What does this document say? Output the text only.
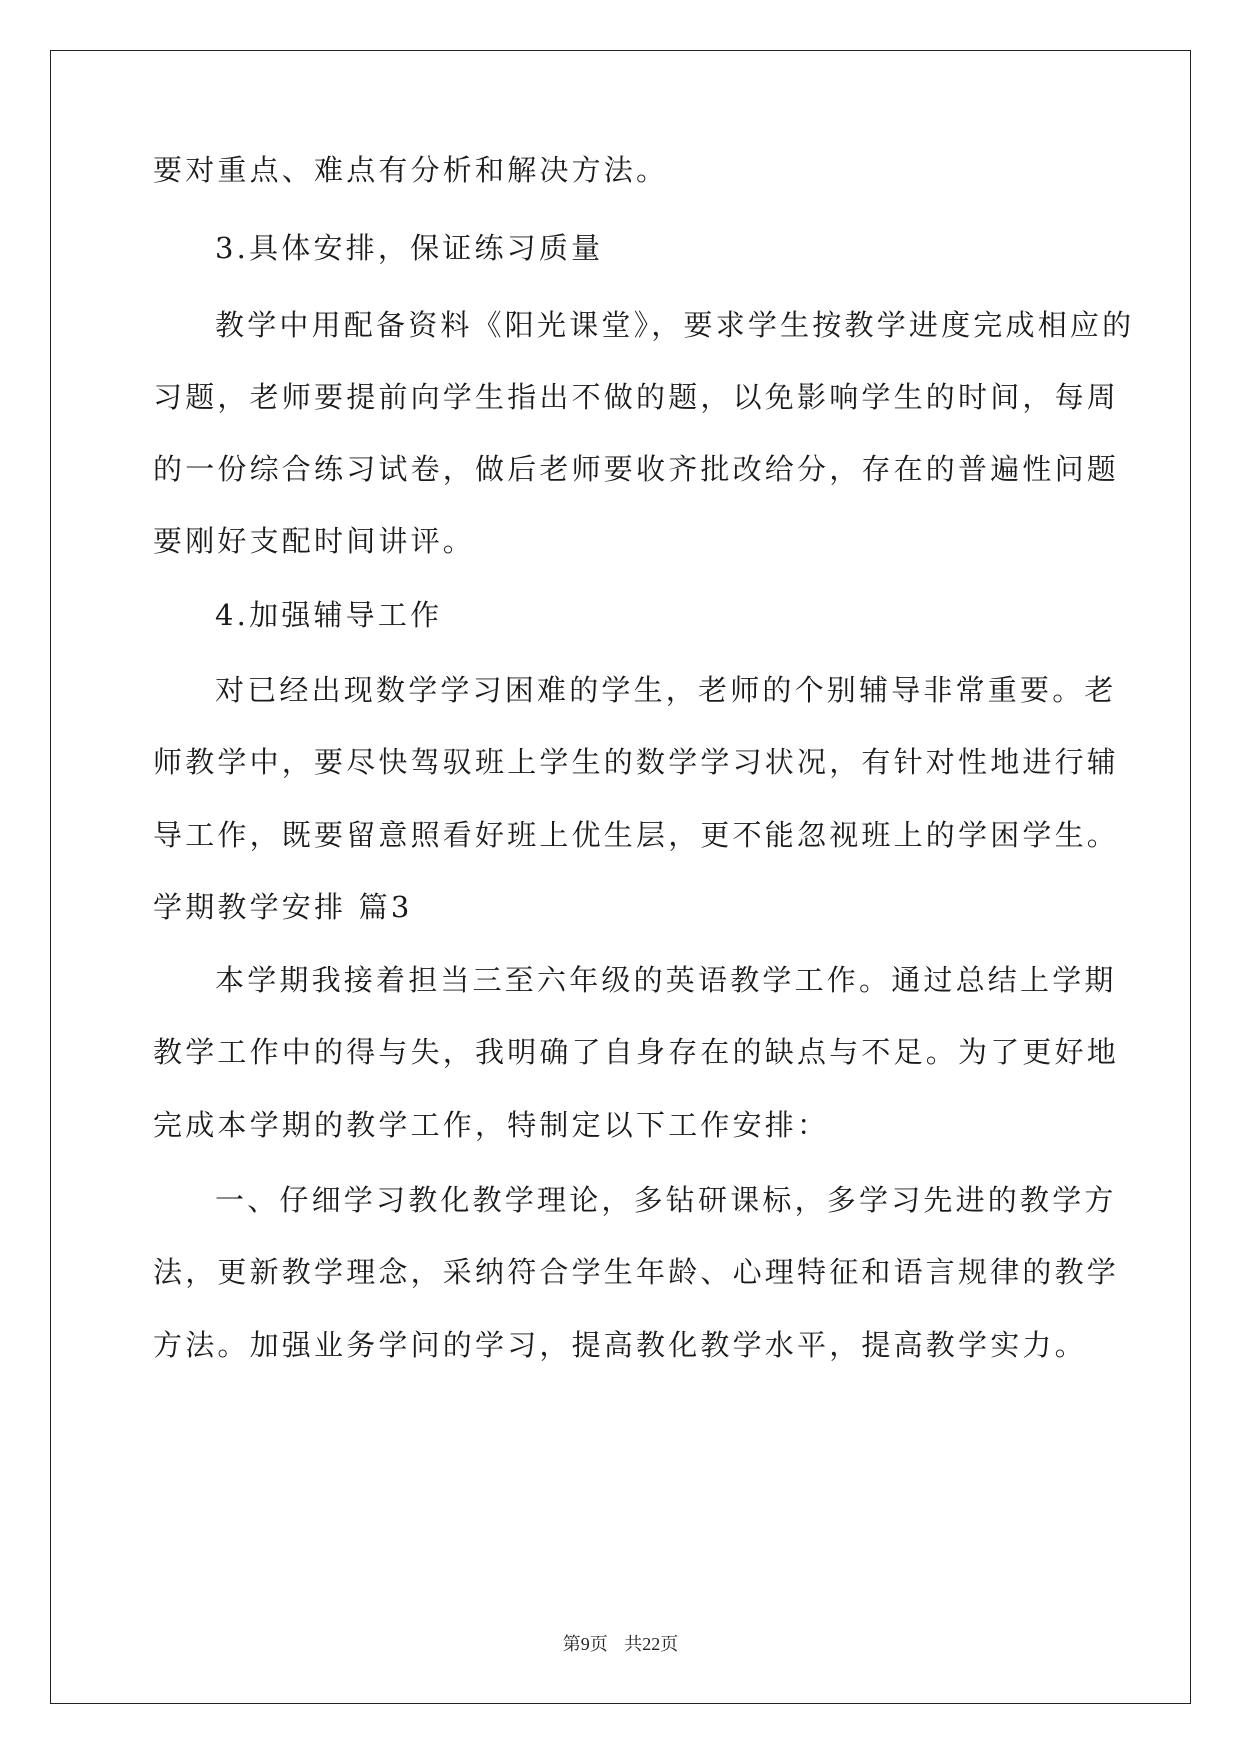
要对重点、难点有分析和解决方法。
3.具体安排，保证练习质量
教学中用配备资料《阳光课堂》，要求学生按教学进度完成相应的
习题，老师要提前向学生指出不做的题，以免影响学生的时间，每周
的一份综合练习试卷，做后老师要收齐批改给分，存在的普遍性问题
要刚好支配时间讲评。
4.加强辅导工作
对已经出现数学学习困难的学生，老师的个别辅导非常重要。老
师教学中，要尽快驾驭班上学生的数学学习状况，有针对性地进行辅
导工作，既要留意照看好班上优生层，更不能忽视班上的学困学生。
学期教学安排 篇3
本学期我接着担当三至六年级的英语教学工作。通过总结上学期
教学工作中的得与失，我明确了自身存在的缺点与不足。为了更好地
完成本学期的教学工作，特制定以下工作安排：
一、仔细学习教化教学理论，多钻研课标，多学习先进的教学方
法，更新教学理念，采纳符合学生年龄、心理特征和语言规律的教学
方法。加强业务学问的学习，提高教化教学水平，提高教学实力。
第9页 共22页
